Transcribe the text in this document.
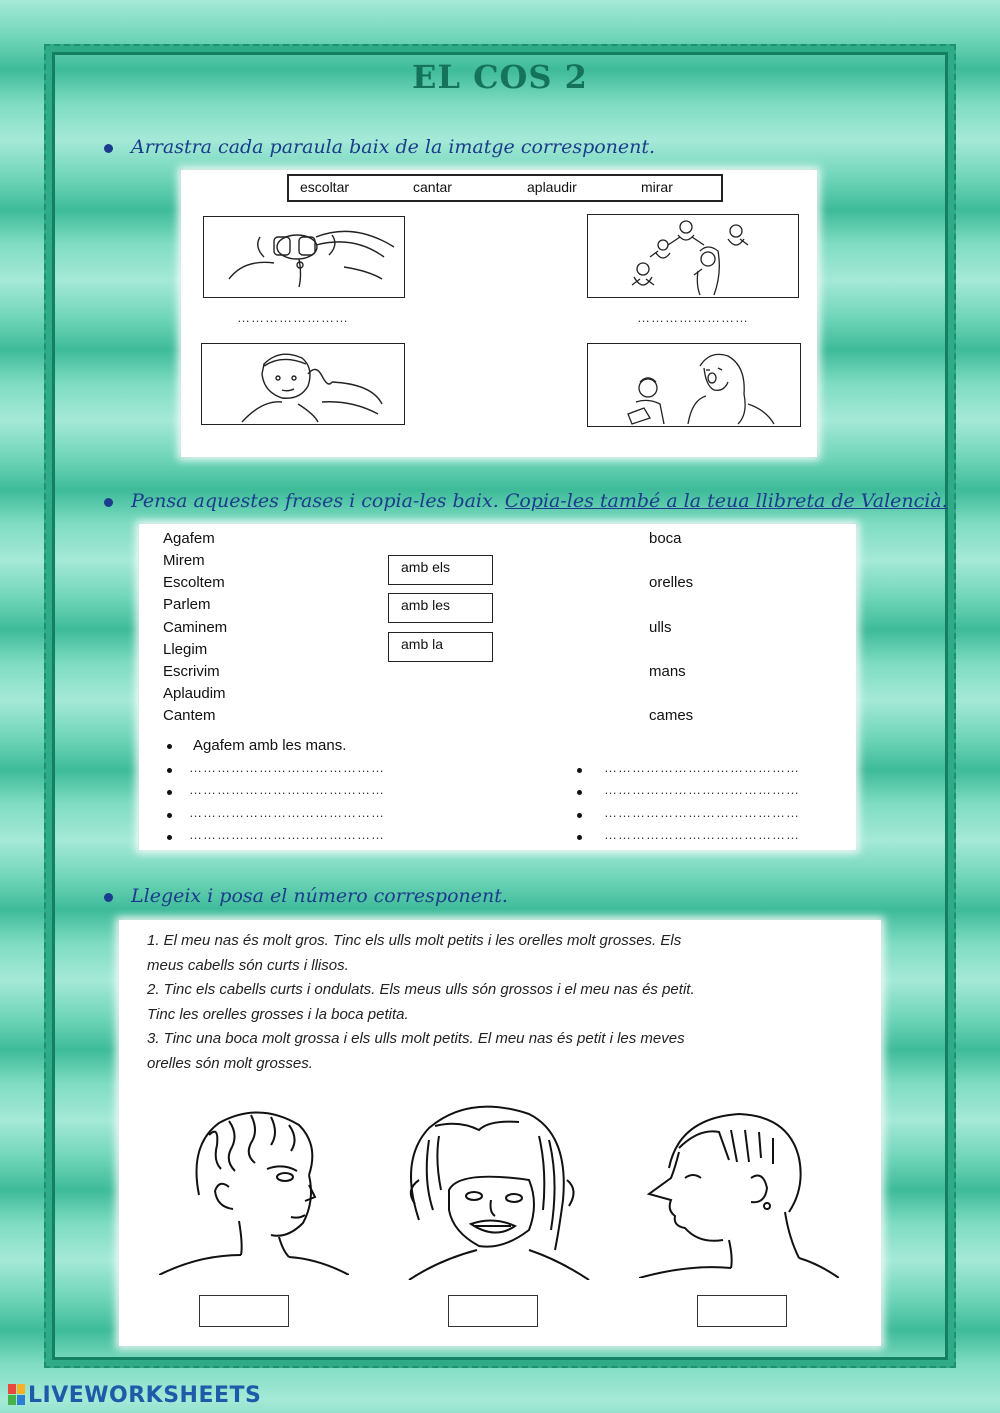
EL COS 2
Arrastra cada paraula baix de la imatge corresponent.
escoltar	cantar	aplaudir	mirar
……………………	……………………
Pensa aquestes frases i copia-les baix. Copia-les també a la teua llibreta de Valencià.
Agafem
Mirem
Escoltem
Parlem
Caminem
Llegim
Escrivim
Aplaudim
Cantem
amb els
amb les
amb la
boca
orelles
ulls
mans
cames
Agafem amb les mans.
……………………………………
……………………………………
……………………………………
……………………………………
……………………………………
……………………………………
……………………………………
……………………………………
Llegeix i posa el número corresponent.
1. El meu nas és molt gros. Tinc els ulls molt petits i les orelles molt grosses. Els
meus cabells són curts i llisos.
2. Tinc els cabells curts i ondulats. Els meus ulls són grossos i el meu nas és petit.
Tinc les orelles grosses i la boca petita.
3. Tinc una boca molt grossa i els ulls molt petits. El meu nas és petit i les meves
orelles són molt grosses.
LIVEWORKSHEETS
